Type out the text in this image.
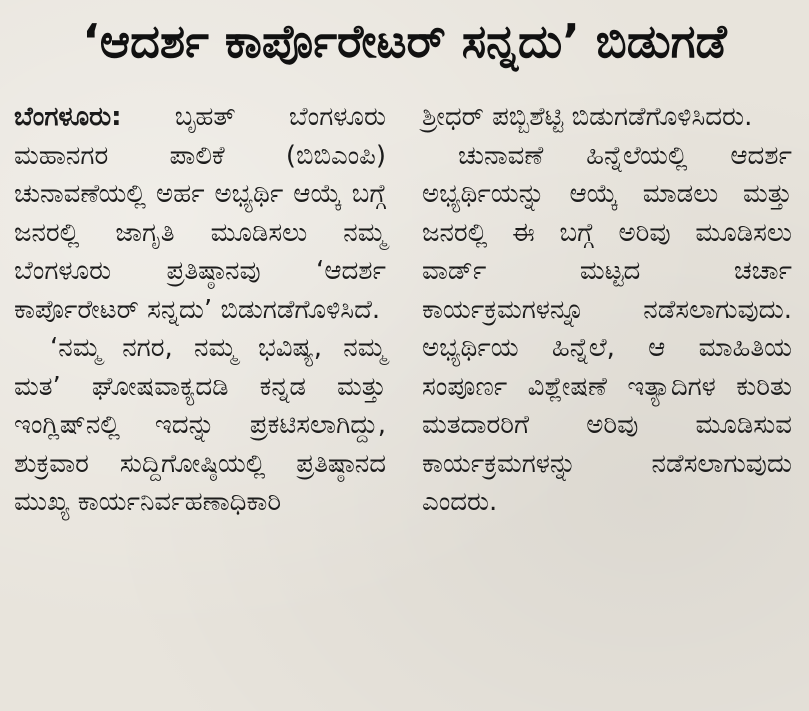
‘ಆದರ್ಶ ಕಾರ್ಪೊರೇಟರ್ ಸನ್ನದು’ ಬಿಡುಗಡೆ

ಬೆಂಗಳೂರು: ಬೃಹತ್ ಬೆಂಗಳೂರು ಮಹಾನಗರ ಪಾಲಿಕೆ (ಬಿಬಿಎಂಪಿ) ಚುನಾವಣೆಯಲ್ಲಿ ಅರ್ಹ ಅಭ್ಯರ್ಥಿ ಆಯ್ಕೆ ಬಗ್ಗೆ ಜನರಲ್ಲಿ ಜಾಗೃತಿ ಮೂಡಿಸಲು ನಮ್ಮ ಬೆಂಗಳೂರು ಪ್ರತಿಷ್ಠಾನವು ‘ಆದರ್ಶ ಕಾರ್ಪೊರೇಟರ್ ಸನ್ನದು’ ಬಿಡುಗಡೆಗೊಳಿಸಿದೆ.

‘ನಮ್ಮ ನಗರ, ನಮ್ಮ ಭವಿಷ್ಯ, ನಮ್ಮ ಮತ’ ಘೋಷವಾಕ್ಯದಡಿ ಕನ್ನಡ ಮತ್ತು ಇಂಗ್ಲಿಷ್‌ನಲ್ಲಿ ಇದನ್ನು ಪ್ರಕಟಿಸಲಾಗಿದ್ದು, ಶುಕ್ರವಾರ ಸುದ್ದಿಗೋಷ್ಠಿಯಲ್ಲಿ ಪ್ರತಿಷ್ಠಾನದ ಮುಖ್ಯ ಕಾರ್ಯನಿರ್ವಹಣಾಧಿಕಾರಿ

ಶ್ರೀಧರ್ ಪಬ್ಬಿಶೆಟ್ಟಿ ಬಿಡುಗಡೆಗೊಳಿಸಿದರು.

ಚುನಾವಣೆ ಹಿನ್ನೆಲೆಯಲ್ಲಿ ಆದರ್ಶ ಅಭ್ಯರ್ಥಿಯನ್ನು ಆಯ್ಕೆ ಮಾಡಲು ಮತ್ತು ಜನರಲ್ಲಿ ಈ ಬಗ್ಗೆ ಅರಿವು ಮೂಡಿಸಲು ವಾರ್ಡ್ ಮಟ್ಟದ ಚರ್ಚಾ ಕಾರ್ಯಕ್ರಮಗಳನ್ನೂ ನಡೆಸಲಾಗುವುದು. ಅಭ್ಯರ್ಥಿಯ ಹಿನ್ನೆಲೆ, ಆ ಮಾಹಿತಿಯ ಸಂಪೂರ್ಣ ವಿಶ್ಲೇಷಣೆ ಇತ್ಯಾದಿಗಳ ಕುರಿತು ಮತದಾರರಿಗೆ ಅರಿವು ಮೂಡಿಸುವ ಕಾರ್ಯಕ್ರಮಗಳನ್ನು ನಡೆಸಲಾಗುವುದು ಎಂದರು.
